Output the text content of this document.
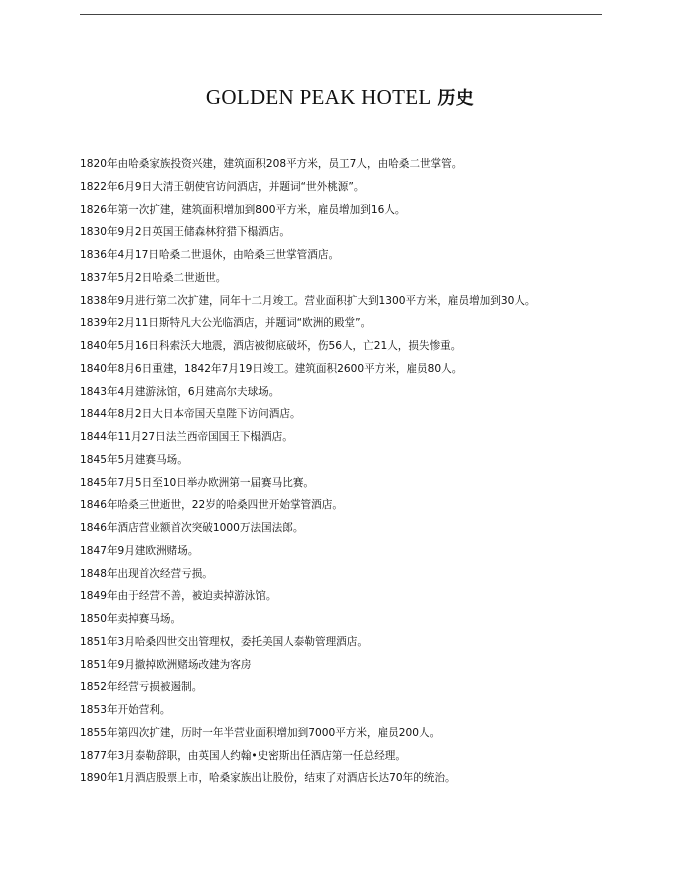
GOLDEN PEAK HOTEL 历史
1820年由哈桑家族投资兴建，建筑面积208平方米，员工7人，由哈桑二世掌管。
1822年6月9日大清王朝使官访问酒店，并题词“世外桃源”。
1826年第一次扩建，建筑面积增加到800平方米，雇员增加到16人。
1830年9月2日英国王储森林狩猎下榻酒店。
1836年4月17日哈桑二世退休，由哈桑三世掌管酒店。
1837年5月2日哈桑二世逝世。
1838年9月进行第二次扩建，同年十二月竣工。营业面积扩大到1300平方米，雇员增加到30人。
1839年2月11日斯特凡大公光临酒店，并题词“欧洲的殿堂”。
1840年5月16日科索沃大地震，酒店被彻底破坏，伤56人，亡21人，损失惨重。
1840年8月6日重建，1842年7月19日竣工。建筑面积2600平方米，雇员80人。
1843年4月建游泳馆，6月建高尔夫球场。
1844年8月2日大日本帝国天皇陛下访问酒店。
1844年11月27日法兰西帝国国王下榻酒店。
1845年5月建赛马场。
1845年7月5日至10日举办欧洲第一届赛马比赛。
1846年哈桑三世逝世，22岁的哈桑四世开始掌管酒店。
1846年酒店营业额首次突破1000万法国法郎。
1847年9月建欧洲赌场。
1848年出现首次经营亏损。
1849年由于经营不善，被迫卖掉游泳馆。
1850年卖掉赛马场。
1851年3月哈桑四世交出管理权，委托美国人泰勒管理酒店。
1851年9月撤掉欧洲赌场改建为客房
1852年经营亏损被遏制。
1853年开始营利。
1855年第四次扩建，历时一年半营业面积增加到7000平方米，雇员200人。
1877年3月泰勒辞职，由英国人约翰•史密斯出任酒店第一任总经理。
1890年1月酒店股票上市，哈桑家族出让股份，结束了对酒店长达70年的统治。
